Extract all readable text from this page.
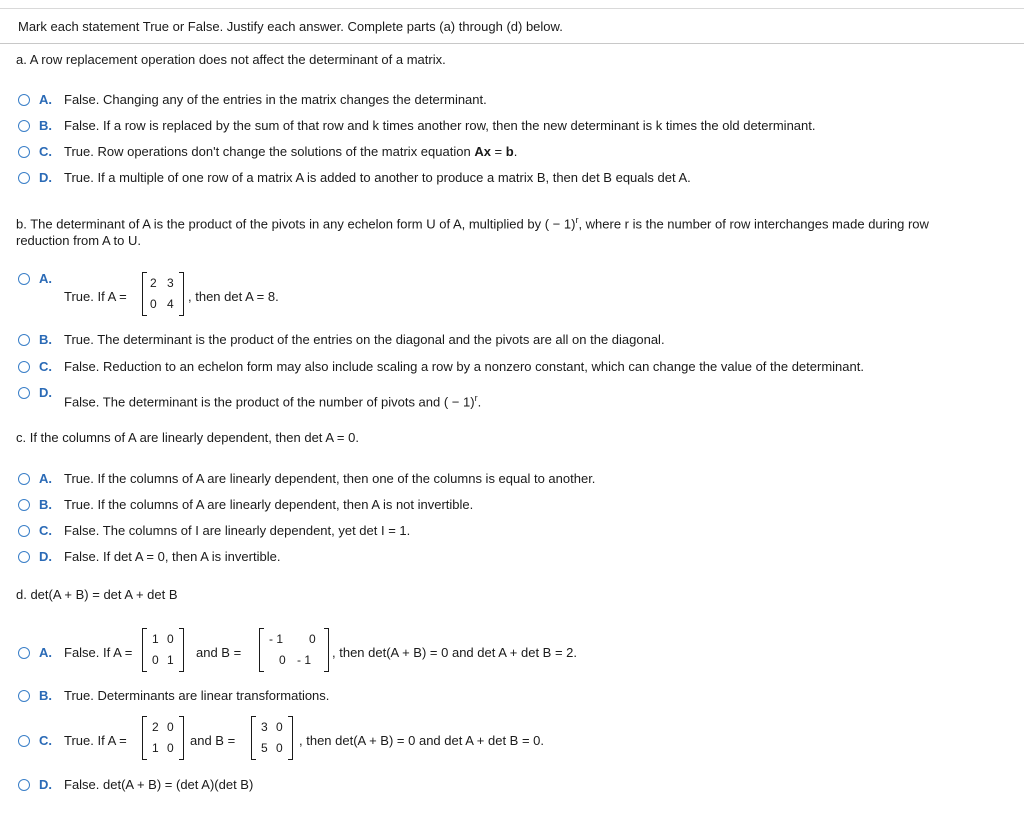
Mark each statement True or False. Justify each answer. Complete parts (a) through (d) below.
a. A row replacement operation does not affect the determinant of a matrix.
A. False. Changing any of the entries in the matrix changes the determinant.
B. False. If a row is replaced by the sum of that row and k times another row, then the new determinant is k times the old determinant.
C. True. Row operations don't change the solutions of the matrix equation Ax = b.
D. True. If a multiple of one row of a matrix A is added to another to produce a matrix B, then det B equals det A.
b. The determinant of A is the product of the pivots in any echelon form U of A, multiplied by ( − 1)$^r$, where r is the number of row interchanges made during row
reduction from A to U.
A.
True. If A =
2 3
0 4 , then det A = 8.
B. True. The determinant is the product of the entries on the diagonal and the pivots are all on the diagonal.
C. False. Reduction to an echelon form may also include scaling a row by a nonzero constant, which can change the value of the determinant.
D.
False. The determinant is the product of the number of pivots and ( − 1)$^r$.
c. If the columns of A are linearly dependent, then det A = 0.
A. True. If the columns of A are linearly dependent, then one of the columns is equal to another.
B. True. If the columns of A are linearly dependent, then A is not invertible.
C. False. The columns of I are linearly dependent, yet det I = 1.
D. False. If det A = 0, then A is invertible.
d. det(A + B) = det A + det B
A. False. If A =
1 0
0 1 and B =
- 1 0
0 - 1 , then det(A + B) = 0 and det A + det B = 2.
B. True. Determinants are linear transformations.
C. True. If A =
2 0
1 0 and B =
3 0
5 0 , then det(A + B) = 0 and det A + det B = 0.
D. False. det(A + B) = (det A)(det B)
